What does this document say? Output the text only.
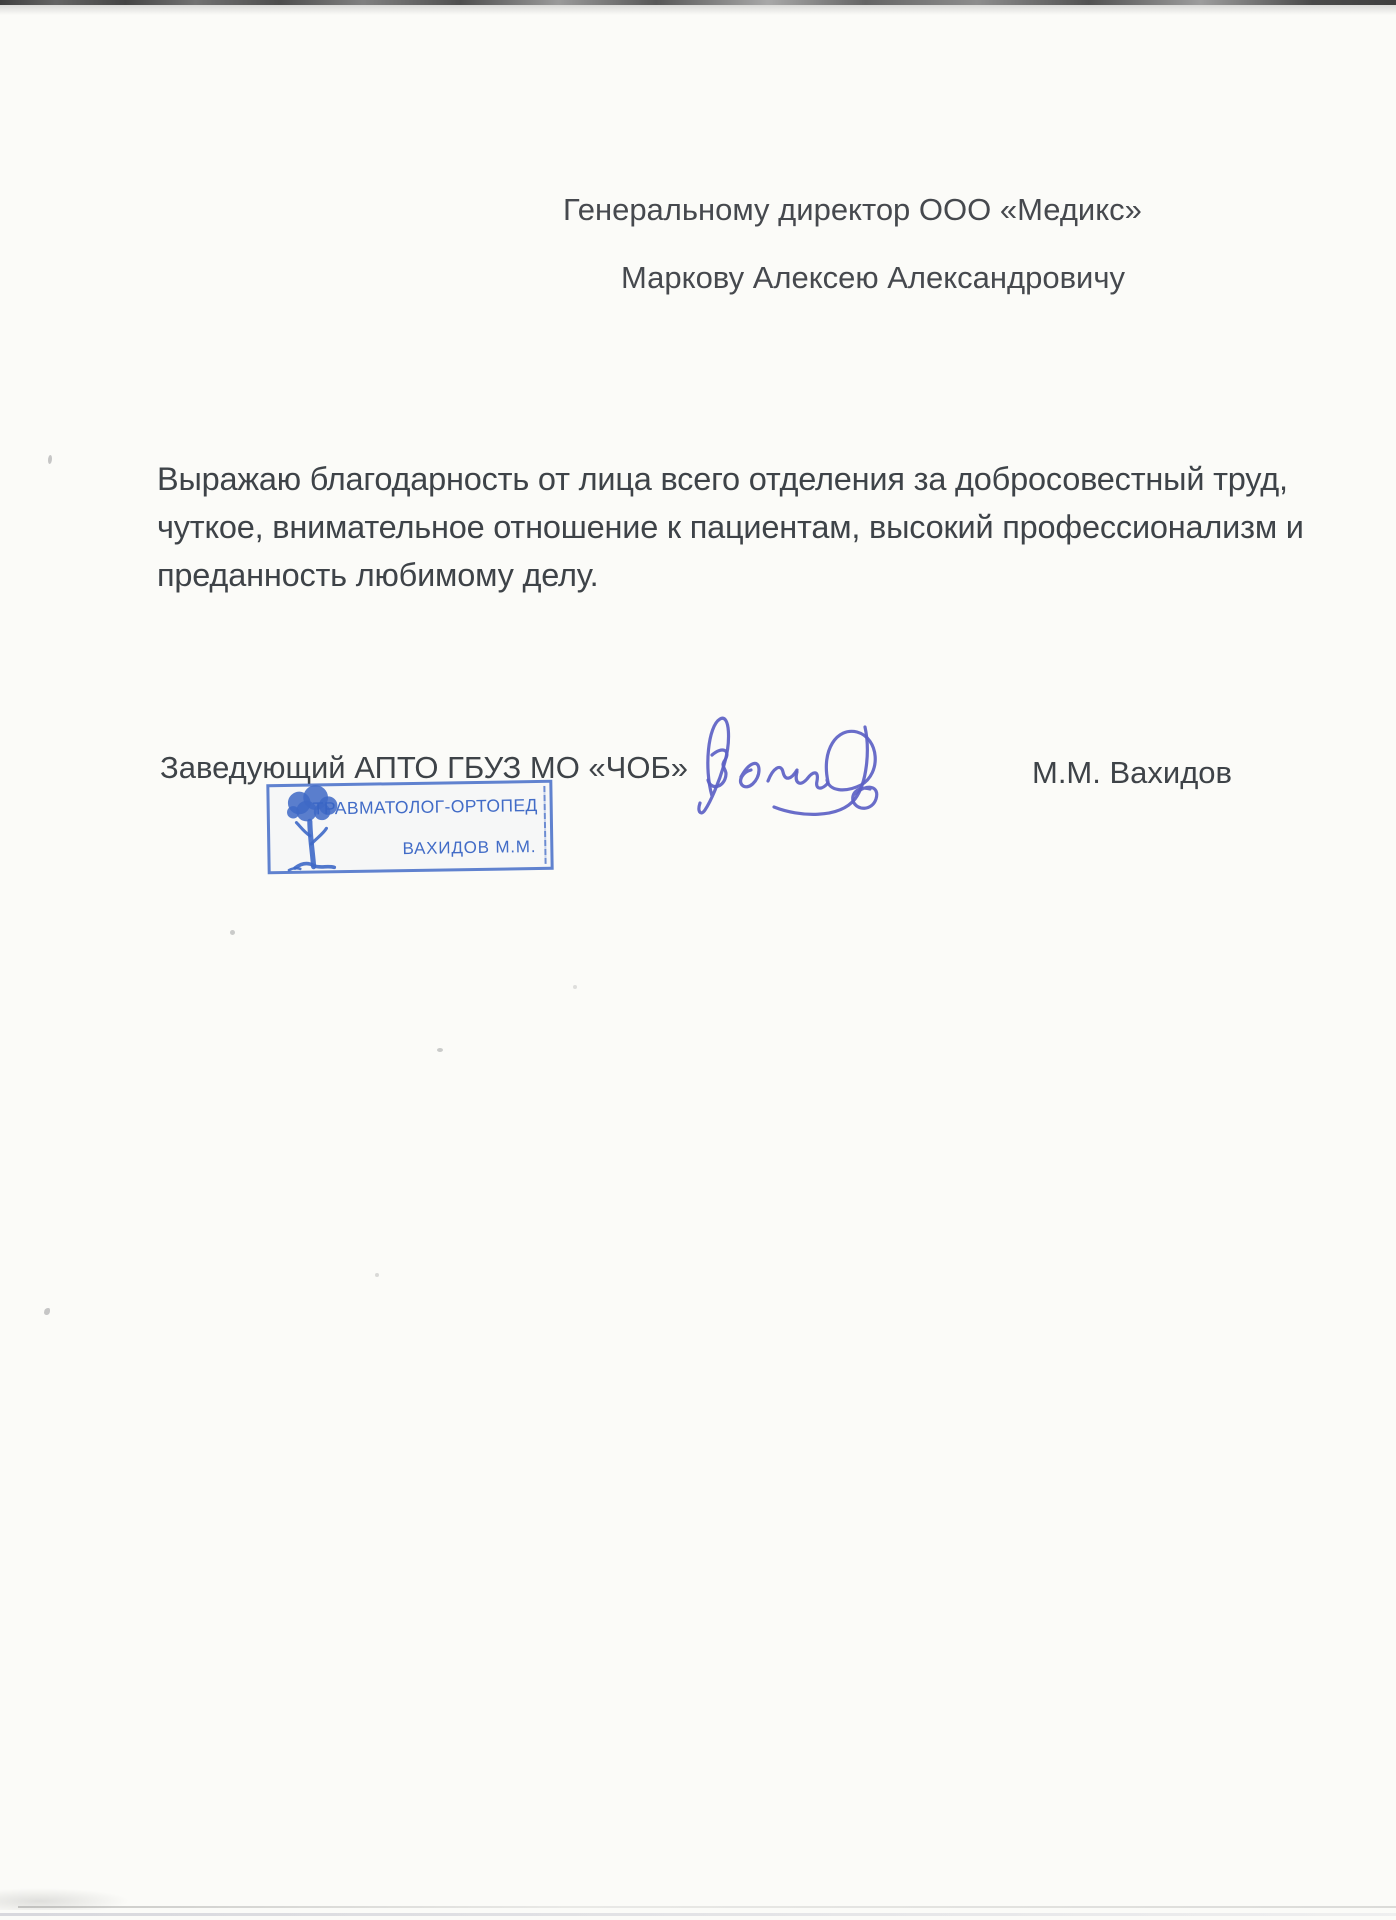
Генеральному директор ООО «Медикс»
Маркову Алексею Александровичу
Выражаю благодарность от лица всего отделения за добросовестный труд,
чуткое, внимательное отношение к пациентам, высокий профессионализм и
преданность любимому делу.
Заведующий АПТО ГБУЗ МО «ЧОБ»	М.М. Вахидов
ТРАВМАТОЛОГ-ОРТОПЕД
ВАХИДОВ М.М.
